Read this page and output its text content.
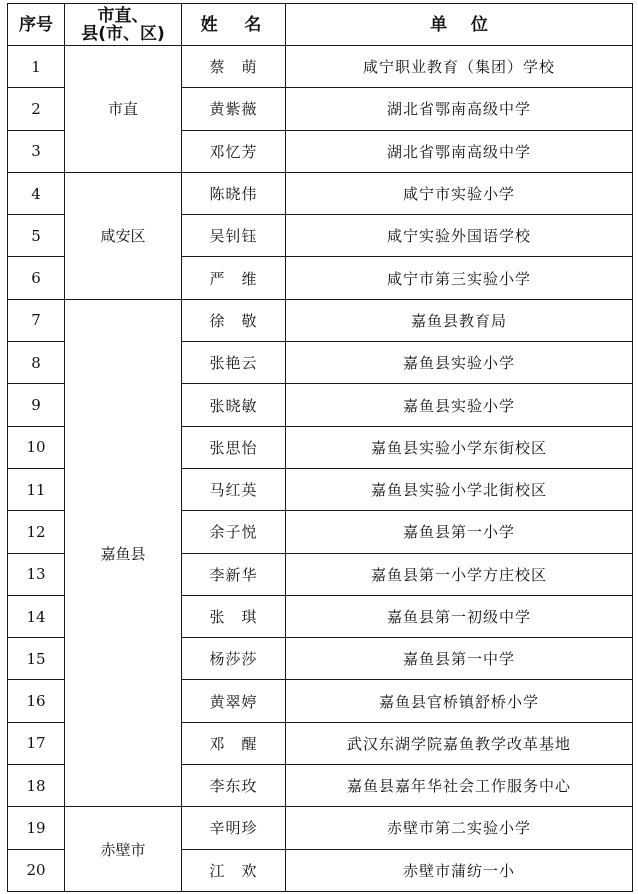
序号	市直、
县(市、区)	姓  名	单    位
1	市直	蔡　萌	咸宁职业教育（集团）学校
2		黄紫薇	湖北省鄂南高级中学
3		邓忆芳	湖北省鄂南高级中学
4	咸安区	陈晓伟	咸宁市实验小学
5		吴钊钰	咸宁实验外国语学校
6		严　维	咸宁市第三实验小学
7	嘉鱼县	徐　敬	嘉鱼县教育局
8		张艳云	嘉鱼县实验小学
9		张晓敏	嘉鱼县实验小学
10		张思怡	嘉鱼县实验小学东街校区
11		马红英	嘉鱼县实验小学北街校区
12		余子悦	嘉鱼县第一小学
13		李新华	嘉鱼县第一小学方庄校区
14		张　琪	嘉鱼县第一初级中学
15		杨莎莎	嘉鱼县第一中学
16		黄翠婷	嘉鱼县官桥镇舒桥小学
17		邓　醒	武汉东湖学院嘉鱼教学改革基地
18		李东玫	嘉鱼县嘉年华社会工作服务中心
19	赤壁市	辛明珍	赤壁市第二实验小学
20		江　欢	赤壁市蒲纺一小
